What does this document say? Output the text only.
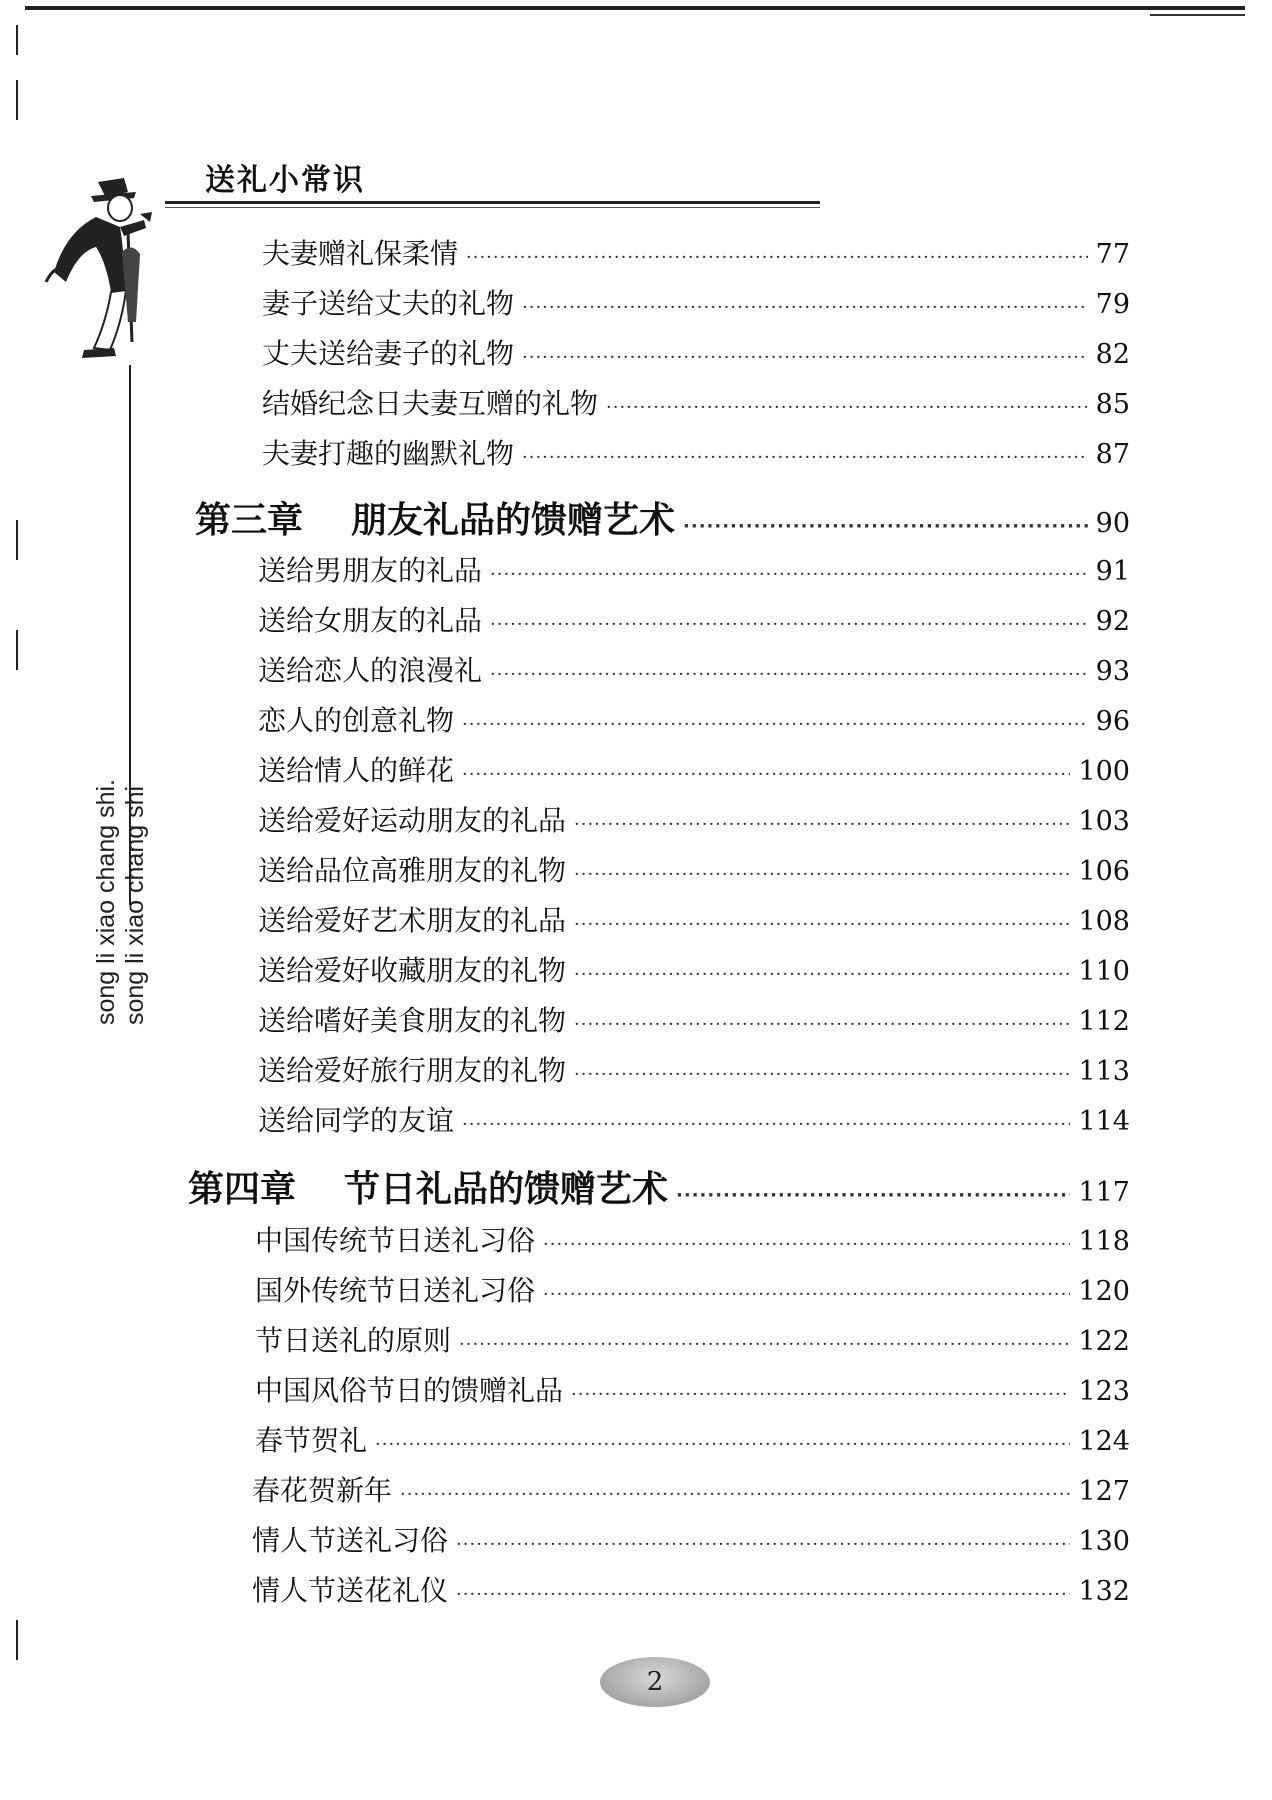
送礼小常识
song li xiao chang shi. song li xiao chang shi
夫妻赠礼保柔情 ·····	77
妻子送给丈夫的礼物 ·····	79
丈夫送给妻子的礼物 ·····	82
结婚纪念日夫妻互赠的礼物 ·····	85
夫妻打趣的幽默礼物 ·····	87
第三章 朋友礼品的馈赠艺术 ·····	90
送给男朋友的礼品 ·····	91
送给女朋友的礼品 ·····	92
送给恋人的浪漫礼 ·····	93
恋人的创意礼物 ·····	96
送给情人的鲜花 ·····	100
送给爱好运动朋友的礼品 ·····	103
送给品位高雅朋友的礼物 ·····	106
送给爱好艺术朋友的礼品 ·····	108
送给爱好收藏朋友的礼物 ·····	110
送给嗜好美食朋友的礼物 ·····	112
送给爱好旅行朋友的礼物 ·····	113
送给同学的友谊 ·····	114
第四章 节日礼品的馈赠艺术 ·····	117
中国传统节日送礼习俗 ·····	118
国外传统节日送礼习俗 ·····	120
节日送礼的原则 ·····	122
中国风俗节日的馈赠礼品 ·····	123
春节贺礼 ·····	124
春花贺新年 ·····	127
情人节送礼习俗 ·····	130
情人节送花礼仪 ·····	132
2
